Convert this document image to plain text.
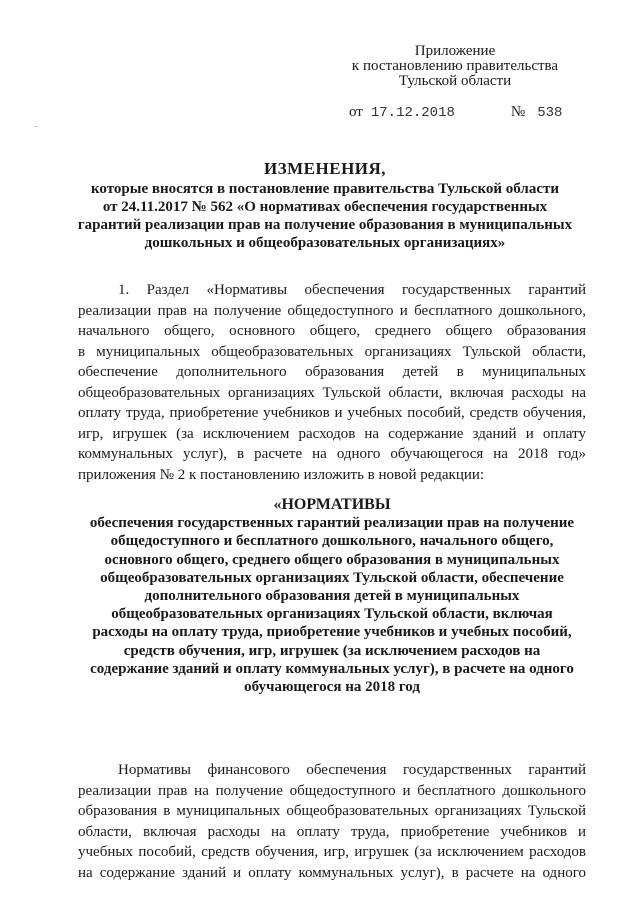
..
Приложение
к постановлению правительства
Тульской области
от 17.12.2018	№ 538
ИЗМЕНЕНИЯ,
которые вносятся в постановление правительства Тульской области
от 24.11.2017 № 562 «О нормативах обеспечения государственных
гарантий реализации прав на получение образования в муниципальных
дошкольных и общеобразовательных организациях»
1. Раздел «Нормативы обеспечения государственных гарантий
реализации прав на получение общедоступного и бесплатного дошкольного,
начального общего, основного общего, среднего общего образования
в муниципальных общеобразовательных организациях Тульской области,
обеспечение дополнительного образования детей в муниципальных
общеобразовательных организациях Тульской области, включая расходы на
оплату труда, приобретение учебников и учебных пособий, средств обучения,
игр, игрушек (за исключением расходов на содержание зданий и оплату
коммунальных услуг), в расчете на одного обучающегося на 2018 год»
приложения № 2 к постановлению изложить в новой редакции:
«НОРМАТИВЫ
обеспечения государственных гарантий реализации прав на получение
общедоступного и бесплатного дошкольного, начального общего,
основного общего, среднего общего образования в муниципальных
общеобразовательных организациях Тульской области, обеспечение
дополнительного образования детей в муниципальных
общеобразовательных организациях Тульской области, включая
расходы на оплату труда, приобретение учебников и учебных пособий,
средств обучения, игр, игрушек (за исключением расходов на
содержание зданий и оплату коммунальных услуг), в расчете на одного
обучающегося на 2018 год
Нормативы финансового обеспечения государственных гарантий
реализации прав на получение общедоступного и бесплатного дошкольного
образования в муниципальных общеобразовательных организациях Тульской
области, включая расходы на оплату труда, приобретение учебников и
учебных пособий, средств обучения, игр, игрушек (за исключением расходов
на содержание зданий и оплату коммунальных услуг), в расчете на одного
